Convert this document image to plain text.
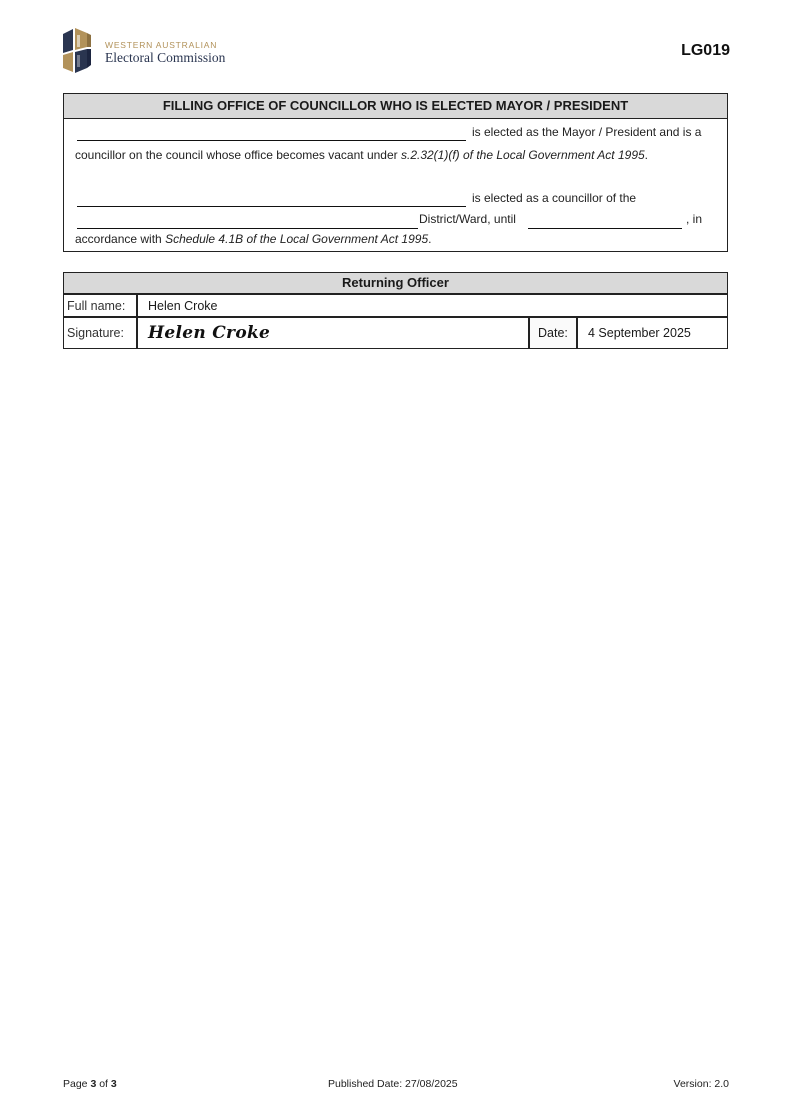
WESTERN AUSTRALIAN
Electoral Commission	LG019
FILLING OFFICE OF COUNCILLOR WHO IS ELECTED MAYOR / PRESIDENT
is elected as the Mayor / President and is a
councillor on the council whose office becomes vacant under s.2.32(1)(f) of the Local Government Act 1995.
is elected as a councillor of the
District/Ward, until	, in
accordance with Schedule 4.1B of the Local Government Act 1995.
Returning Officer
Full name:	Helen Croke
Signature:	Helen Croke	Date:	4 September 2025
Page 3 of 3	Published Date: 27/08/2025	Version: 2.0
